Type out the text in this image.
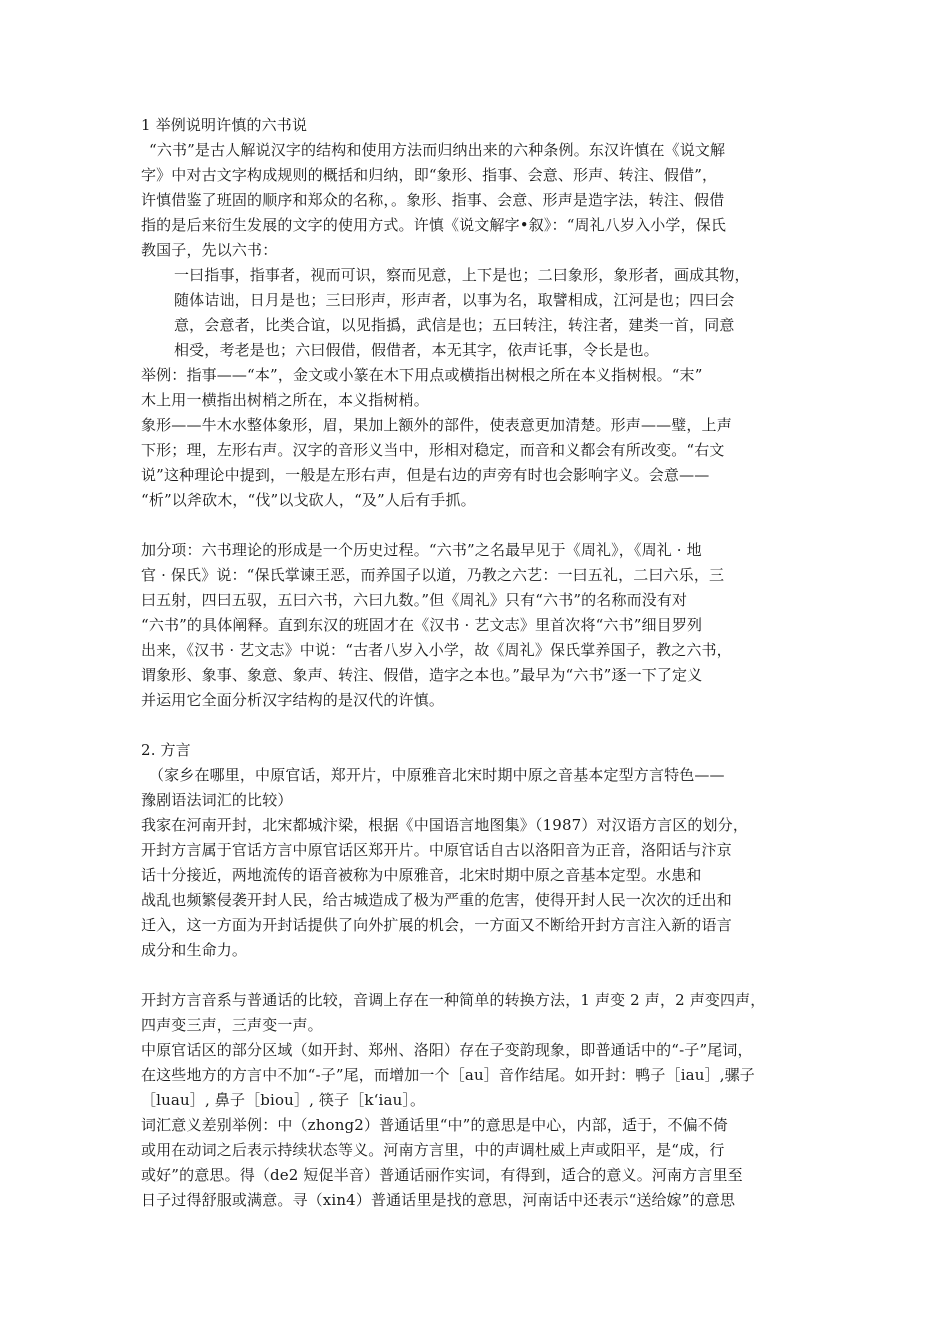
1 举例说明许慎的六书说
“六书”是古人解说汉字的结构和使用方法而归纳出来的六种条例。东汉许慎在《说文解
字》中对古文字构成规则的概括和归纳，即“象形、指事、会意、形声、转注、假借”，
许慎借鉴了班固的顺序和郑众的名称，。象形、指事、会意、形声是造字法，转注、假借
指的是后来衍生发展的文字的使用方式。许慎《说文解字•叙》：“周礼八岁入小学，保氏
教国子，先以六书：
一曰指事，指事者，视而可识，察而见意，上下是也；二曰象形，象形者，画成其物，
随体诘诎，日月是也；三曰形声，形声者，以事为名，取譬相成，江河是也；四曰会
意，会意者，比类合谊，以见指撝，武信是也；五曰转注，转注者，建类一首，同意
相受，考老是也；六曰假借，假借者，本无其字，依声讬事，令长是也。
举例：指事——“本”，金文或小篆在木下用点或横指出树根之所在本义指树根。“末”
木上用一横指出树梢之所在，本义指树梢。
象形——牛木水整体象形，眉，果加上额外的部件，使表意更加清楚。形声——璧，上声
下形；理，左形右声。汉字的音形义当中，形相对稳定，而音和义都会有所改变。“右文
说”这种理论中提到，一般是左形右声，但是右边的声旁有时也会影响字义。会意——
“析”以斧砍木，“伐”以戈砍人，“及”人后有手抓。
加分项：六书理论的形成是一个历史过程。“六书”之名最早见于《周礼》，《周礼 · 地
官 · 保氏》说：“保氏掌谏王恶，而养国子以道，乃教之六艺：一曰五礼，二曰六乐，三
曰五射，四曰五驭，五曰六书，六曰九数。”但《周礼》只有“六书”的名称而没有对
“六书”的具体阐释。直到东汉的班固才在《汉书 · 艺文志》里首次将“六书”细目罗列
出来，《汉书 · 艺文志》中说：“古者八岁入小学，故《周礼》保氏掌养国子，教之六书，
谓象形、象事、象意、象声、转注、假借，造字之本也。”最早为“六书”逐一下了定义
并运用它全面分析汉字结构的是汉代的许慎。
2. 方言
（家乡在哪里，中原官话，郑开片，中原雅音北宋时期中原之音基本定型方言特色——
豫剧语法词汇的比较）
我家在河南开封，北宋都城汴梁，根据《中国语言地图集》（1987）对汉语方言区的划分，
开封方言属于官话方言中原官话区郑开片。中原官话自古以洛阳音为正音，洛阳话与汴京
话十分接近，两地流传的语音被称为中原雅音，北宋时期中原之音基本定型。水患和
战乱也频繁侵袭开封人民，给古城造成了极为严重的危害，使得开封人民一次次的迁出和
迁入，这一方面为开封话提供了向外扩展的机会，一方面又不断给开封方言注入新的语言
成分和生命力。
开封方言音系与普通话的比较，音调上存在一种简单的转换方法，1 声变 2 声，2 声变四声，
四声变三声，三声变一声。
中原官话区的部分区域（如开封、郑州、洛阳）存在子变韵现象，即普通话中的“-子”尾词，
在这些地方的方言中不加“-子”尾，而增加一个［au］音作结尾。如开封：鸭子［iau］,骡子
［luau］, 鼻子［biou］, 筷子［k‘iau］。
词汇意义差别举例：中（zhong2）普通话里“中”的意思是中心，内部，适于，不偏不倚
或用在动词之后表示持续状态等义。河南方言里，中的声调杜威上声或阳平，是“成，行
或好”的意思。得（de2 短促半音）普通话丽作实词，有得到，适合的意义。河南方言里至
日子过得舒服或满意。寻（xin4）普通话里是找的意思，河南话中还表示“送给嫁”的意思
